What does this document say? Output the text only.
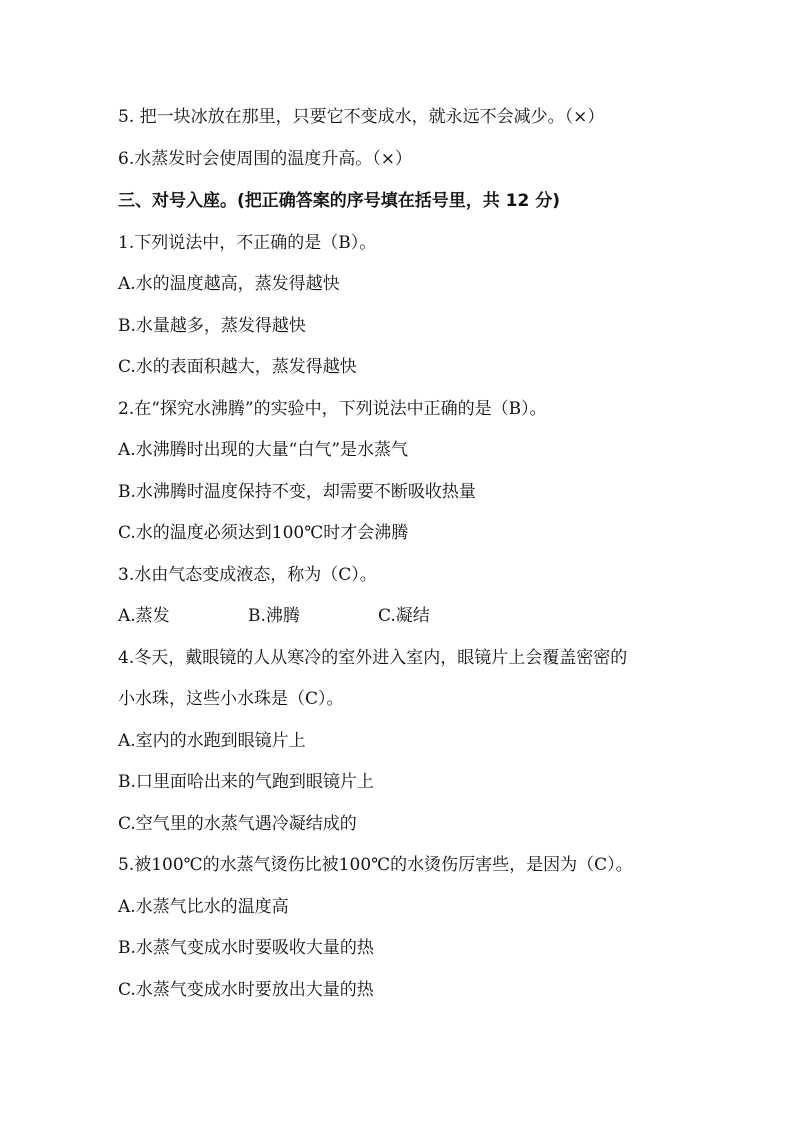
5. 把一块冰放在那里，只要它不变成水，就永远不会减少。（×）
6.水蒸发时会使周围的温度升高。（×）
三、对号入座。(把正确答案的序号填在括号里，共 12 分)
1.下列说法中，不正确的是（B）。
A.水的温度越高，蒸发得越快
B.水量越多，蒸发得越快
C.水的表面积越大，蒸发得越快
2.在“探究水沸腾”的实验中，下列说法中正确的是（B）。
A.水沸腾时出现的大量“白气”是水蒸气
B.水沸腾时温度保持不变，却需要不断吸收热量
C.水的温度必须达到100℃时才会沸腾
3.水由气态变成液态，称为（C）。
A.蒸发	B.沸腾	C.凝结
4.冬天，戴眼镜的人从寒冷的室外进入室内，眼镜片上会覆盖密密的
小水珠，这些小水珠是（C）。
A.室内的水跑到眼镜片上
B.口里面哈出来的气跑到眼镜片上
C.空气里的水蒸气遇冷凝结成的
5.被100℃的水蒸气烫伤比被100℃的水烫伤厉害些，是因为（C）。
A.水蒸气比水的温度高
B.水蒸气变成水时要吸收大量的热
C.水蒸气变成水时要放出大量的热
